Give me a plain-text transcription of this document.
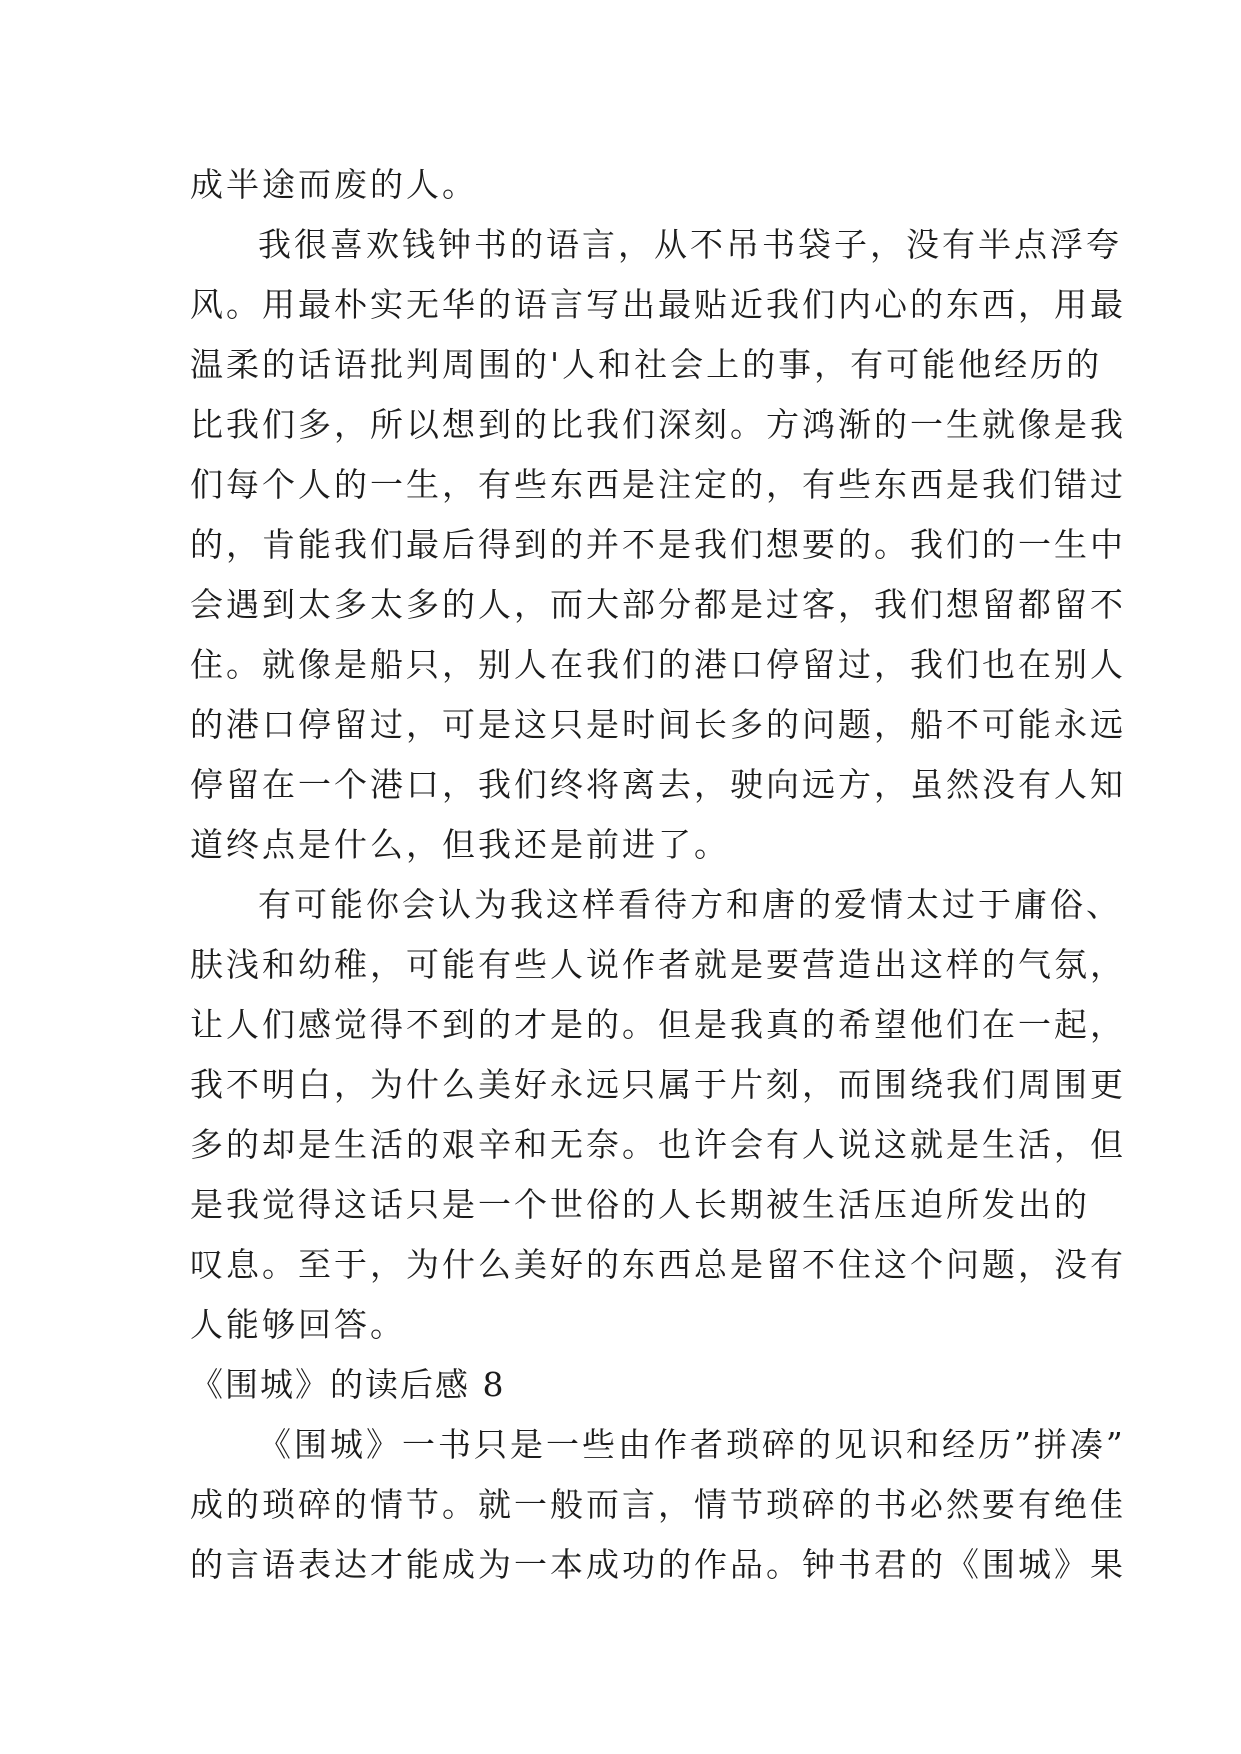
成半途而废的人。
我很喜欢钱钟书的语言，从不吊书袋子，没有半点浮夸
风。用最朴实无华的语言写出最贴近我们内心的东西，用最
温柔的话语批判周围的'人和社会上的事，有可能他经历的
比我们多，所以想到的比我们深刻。方鸿渐的一生就像是我
们每个人的一生，有些东西是注定的，有些东西是我们错过
的，肯能我们最后得到的并不是我们想要的。我们的一生中
会遇到太多太多的人，而大部分都是过客，我们想留都留不
住。就像是船只，别人在我们的港口停留过，我们也在别人
的港口停留过，可是这只是时间长多的问题，船不可能永远
停留在一个港口，我们终将离去，驶向远方，虽然没有人知
道终点是什么，但我还是前进了。
有可能你会认为我这样看待方和唐的爱情太过于庸俗、
肤浅和幼稚，可能有些人说作者就是要营造出这样的气氛，
让人们感觉得不到的才是的。但是我真的希望他们在一起，
我不明白，为什么美好永远只属于片刻，而围绕我们周围更
多的却是生活的艰辛和无奈。也许会有人说这就是生活，但
是我觉得这话只是一个世俗的人长期被生活压迫所发出的
叹息。至于，为什么美好的东西总是留不住这个问题，没有
人能够回答。
《围城》的读后感 8
《围城》一书只是一些由作者琐碎的见识和经历”拼凑”
成的琐碎的情节。就一般而言，情节琐碎的书必然要有绝佳
的言语表达才能成为一本成功的作品。钟书君的《围城》果
